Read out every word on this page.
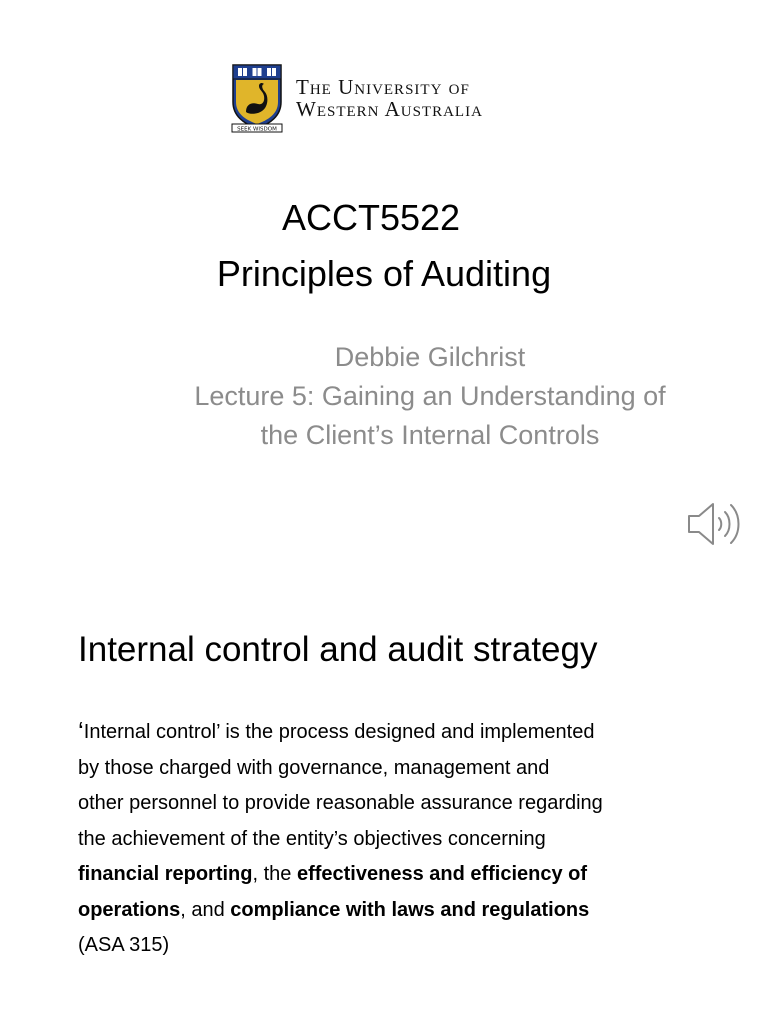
SEEK WISDOM
The University of
Western Australia
ACCT5522
Principles of Auditing
Debbie Gilchrist
Lecture 5: Gaining an Understanding of
the Client’s Internal Controls
Internal control and audit strategy
‘Internal control’ is the process designed and implemented
by those charged with governance, management and
other personnel to provide reasonable assurance regarding
the achievement of the entity’s objectives concerning
financial reporting, the effectiveness and efficiency of
operations, and compliance with laws and regulations
(ASA 315)
